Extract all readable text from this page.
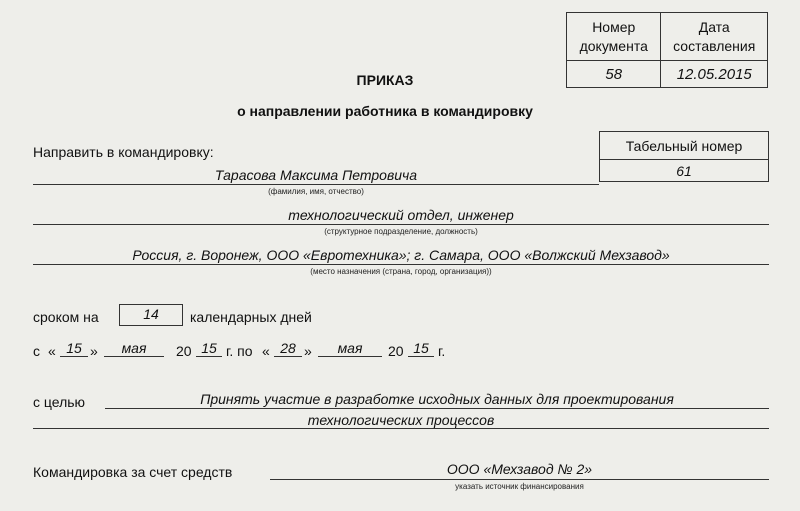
Номер документа	Дата составления
58	12.05.2015
ПРИКАЗ
о направлении работника в командировку
Направить в командировку:	Табельный номер
61
Тарасова Максима Петровича
(фамилия, имя, отчество)
технологический отдел, инженер
(структурное подразделение, должность)
Россия, г. Воронеж, ООО «Евротехника»; г. Самара, ООО «Волжский Мехзавод»
(место назначения (страна, город, организация))
сроком на	14	календарных дней
с « 15 »	мая	20 15 г. по « 28 »	мая	20 15 г.
с целью	Принять участие в разработке исходных данных для проектирования
технологических процессов
Командировка за счет средств	ООО «Мехзавод № 2»
указать источник финансирования
